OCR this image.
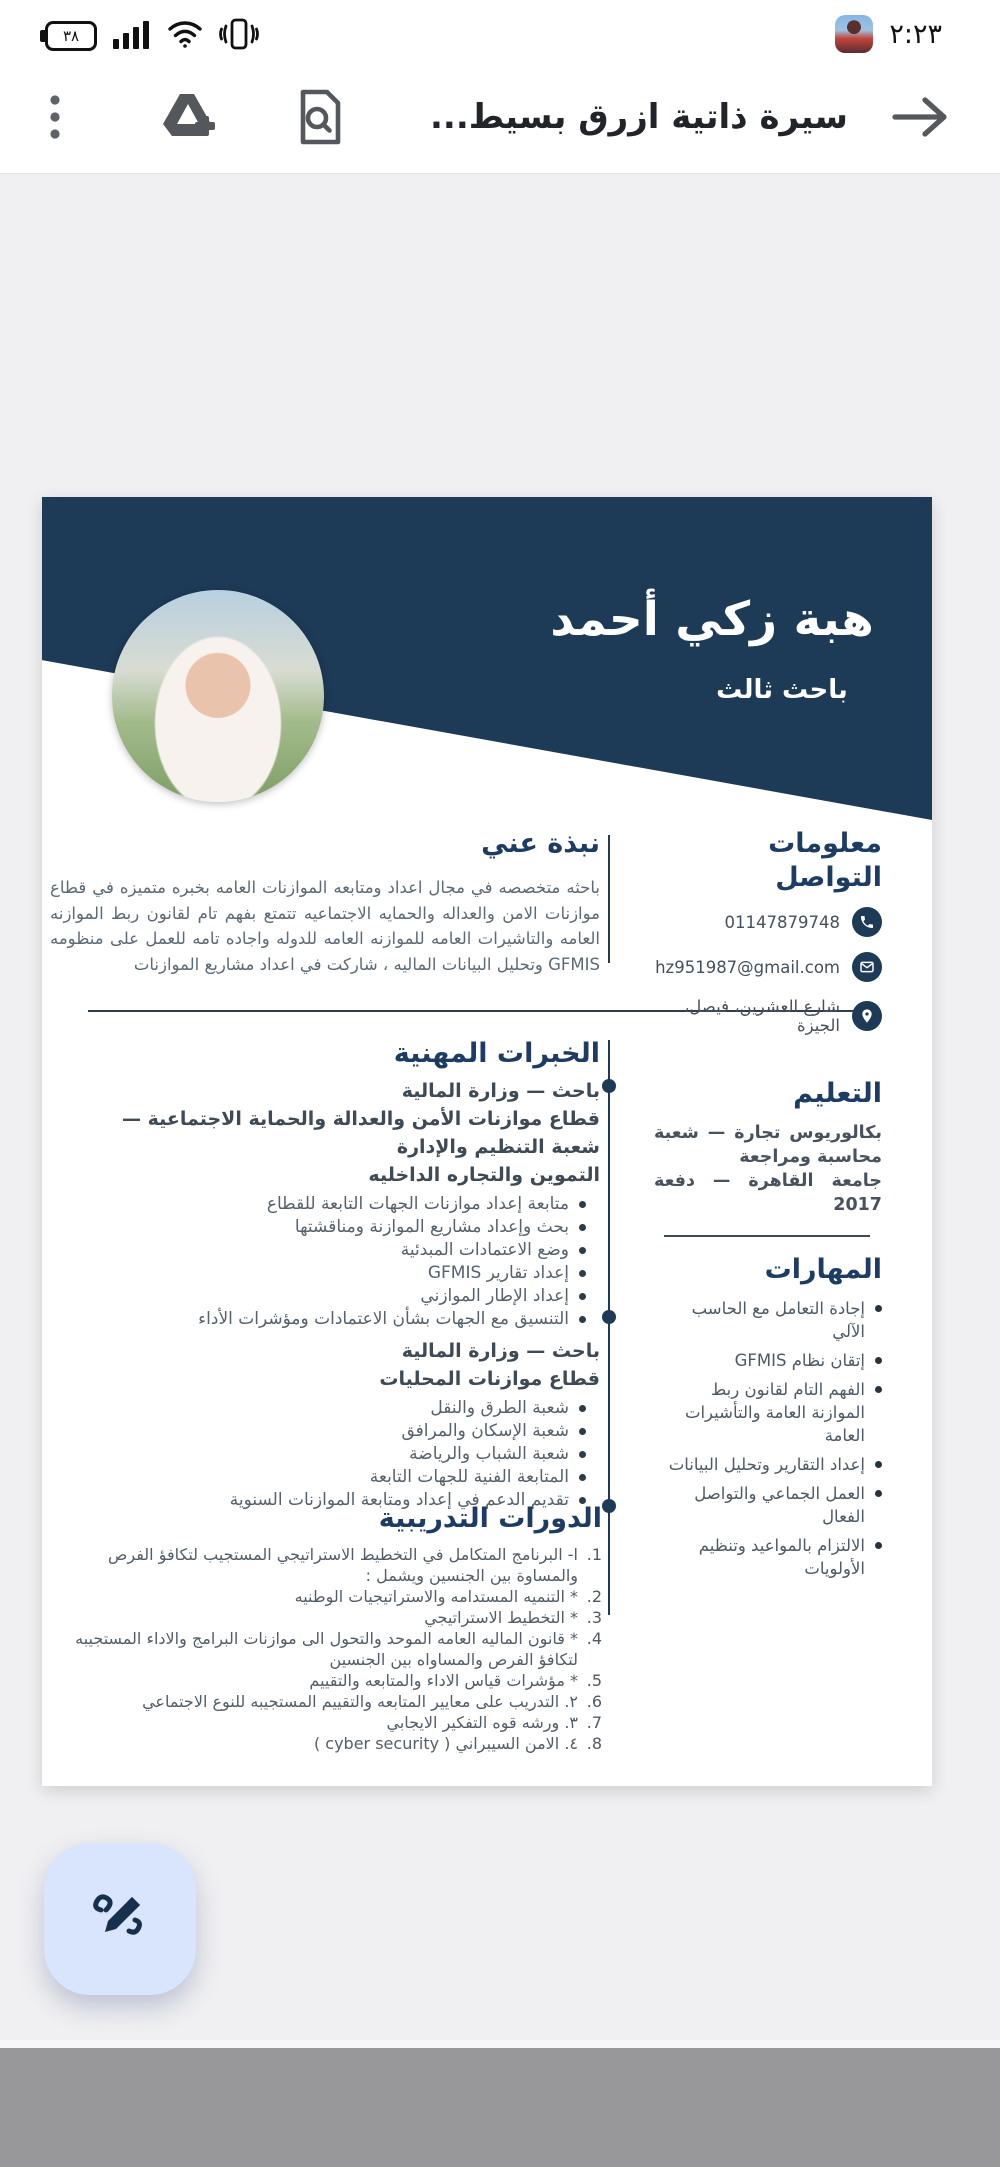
٣٨	٢:٢٣
سيرة ذاتية ازرق بسيط...
هبة زكي أحمد
باحث ثالث
نبذة عني
باحثه متخصصه في مجال اعداد ومتابعه الموازنات العامه بخبره متميزه في قطاع موازنات الامن والعداله والحمايه الاجتماعيه تتمتع بفهم تام لقانون ربط الموازنه العامه والتاشيرات العامه للموازنه العامه للدوله واجاده تامه للعمل على منظومه GFMIS وتحليل البيانات الماليه ، شاركت في اعداد مشاريع الموازنات
الخبرات المهنية
باحث — وزارة المالية
قطاع موازنات الأمن والعدالة والحماية الاجتماعية —
شعبة التنظيم والإدارة
التموين والتجاره الداخليه
متابعة إعداد موازنات الجهات التابعة للقطاع
بحث وإعداد مشاريع الموازنة ومناقشتها
وضع الاعتمادات المبدئية
إعداد تقارير GFMIS
إعداد الإطار الموازني
التنسيق مع الجهات بشأن الاعتمادات ومؤشرات الأداء
باحث — وزارة المالية
قطاع موازنات المحليات
شعبة الطرق والنقل
شعبة الإسكان والمرافق
شعبة الشباب والرياضة
المتابعة الفنية للجهات التابعة
تقديم الدعم في إعداد ومتابعة الموازنات السنوية
الدورات التدريبية
1.
ا- البرنامج المتكامل في التخطيط الاستراتيجي المستجيب لتكافؤ الفرص والمساوة بين الجنسين ويشمل :
2.
* التنميه المستدامه والاستراتيجيات الوطنيه
3.
* التخطيط الاستراتيجي
4.
* قانون الماليه العامه الموحد والتحول الى موازنات البرامج والاداء المستجيبه لتكافؤ الفرص والمساواه بين الجنسين
5.
* مؤشرات قياس الاداء والمتابعه والتقييم
6.
٢. التدريب على معايير المتابعه والتقييم المستجيبه للنوع الاجتماعي
7.
٣. ورشه قوه التفكير الايجابي
8.
٤. الامن السيبراني ( cyber security )
معلومات التواصل
01147879748
hz951987@gmail.com
شارع العشرين، فيصل، الجيزة
التعليم
بكالوريوس تجارة — شعبة محاسبة ومراجعة
جامعة القاهرة — دفعة 2017
المهارات
إجادة التعامل مع الحاسب الآلي
إتقان نظام GFMIS
الفهم التام لقانون ربط الموازنة العامة والتأشيرات العامة
إعداد التقارير وتحليل البيانات
العمل الجماعي والتواصل الفعال
الالتزام بالمواعيد وتنظيم الأولويات
